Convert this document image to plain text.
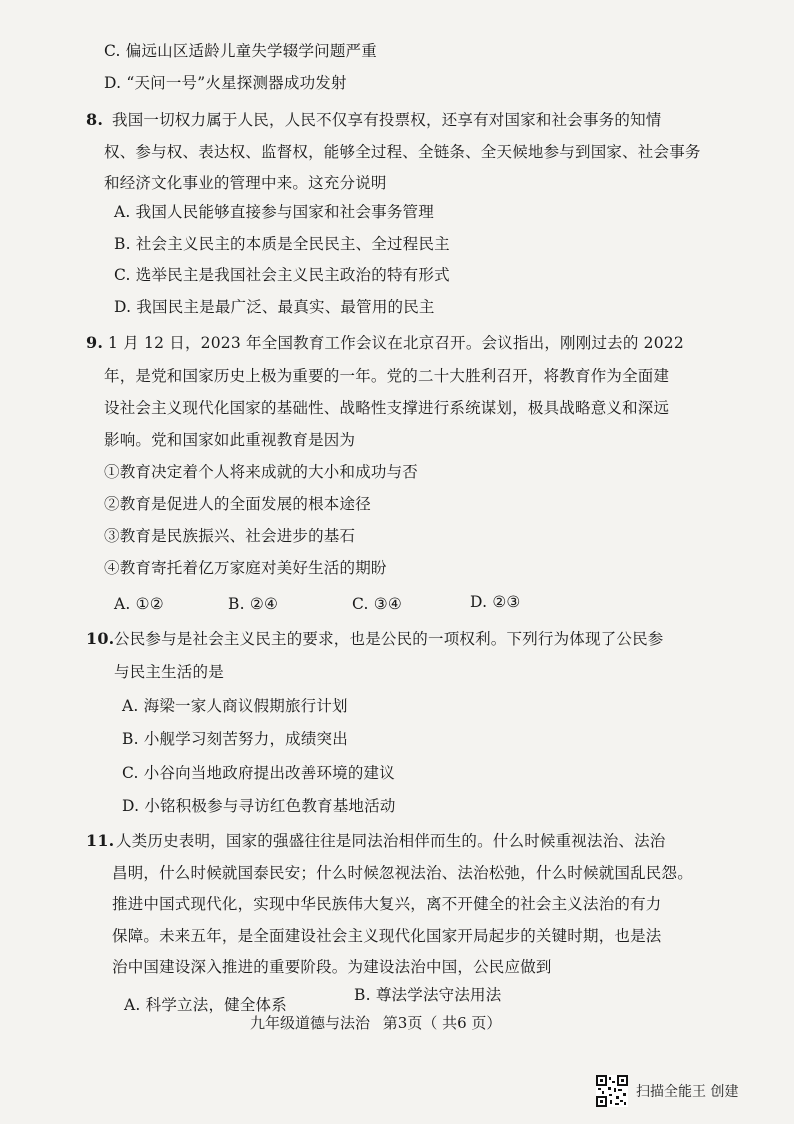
C. 偏远山区适龄儿童失学辍学问题严重
D. “天问一号”火星探测器成功发射
8. 我国一切权力属于人民，人民不仅享有投票权，还享有对国家和社会事务的知情
权、参与权、表达权、监督权，能够全过程、全链条、全天候地参与到国家、社会事务
和经济文化事业的管理中来。这充分说明
A. 我国人民能够直接参与国家和社会事务管理
B. 社会主义民主的本质是全民民主、全过程民主
C. 选举民主是我国社会主义民主政治的特有形式
D. 我国民主是最广泛、最真实、最管用的民主
9. 1 月 12 日，2023 年全国教育工作会议在北京召开。会议指出，刚刚过去的 2022
年，是党和国家历史上极为重要的一年。党的二十大胜利召开，将教育作为全面建
设社会主义现代化国家的基础性、战略性支撑进行系统谋划，极具战略意义和深远
影响。党和国家如此重视教育是因为
①教育决定着个人将来成就的大小和成功与否
②教育是促进人的全面发展的根本途径
③教育是民族振兴、社会进步的基石
④教育寄托着亿万家庭对美好生活的期盼
A. ①②	B. ②④	C. ③④	D. ②③
10. 公民参与是社会主义民主的要求，也是公民的一项权利。下列行为体现了公民参
与民主生活的是
A. 海梁一家人商议假期旅行计划
B. 小舰学习刻苦努力，成绩突出
C. 小谷向当地政府提出改善环境的建议
D. 小铭积极参与寻访红色教育基地活动
11. 人类历史表明，国家的强盛往往是同法治相伴而生的。什么时候重视法治、法治
昌明，什么时候就国泰民安；什么时候忽视法治、法治松弛，什么时候就国乱民怨。
推进中国式现代化，实现中华民族伟大复兴，离不开健全的社会主义法治的有力
保障。未来五年，是全面建设社会主义现代化国家开局起步的关键时期，也是法
治中国建设深入推进的重要阶段。为建设法治中国，公民应做到
A. 科学立法，健全体系
B. 尊法学法守法用法
九年级道德与法治 第3页（ 共6 页）
扫描全能王 创建
